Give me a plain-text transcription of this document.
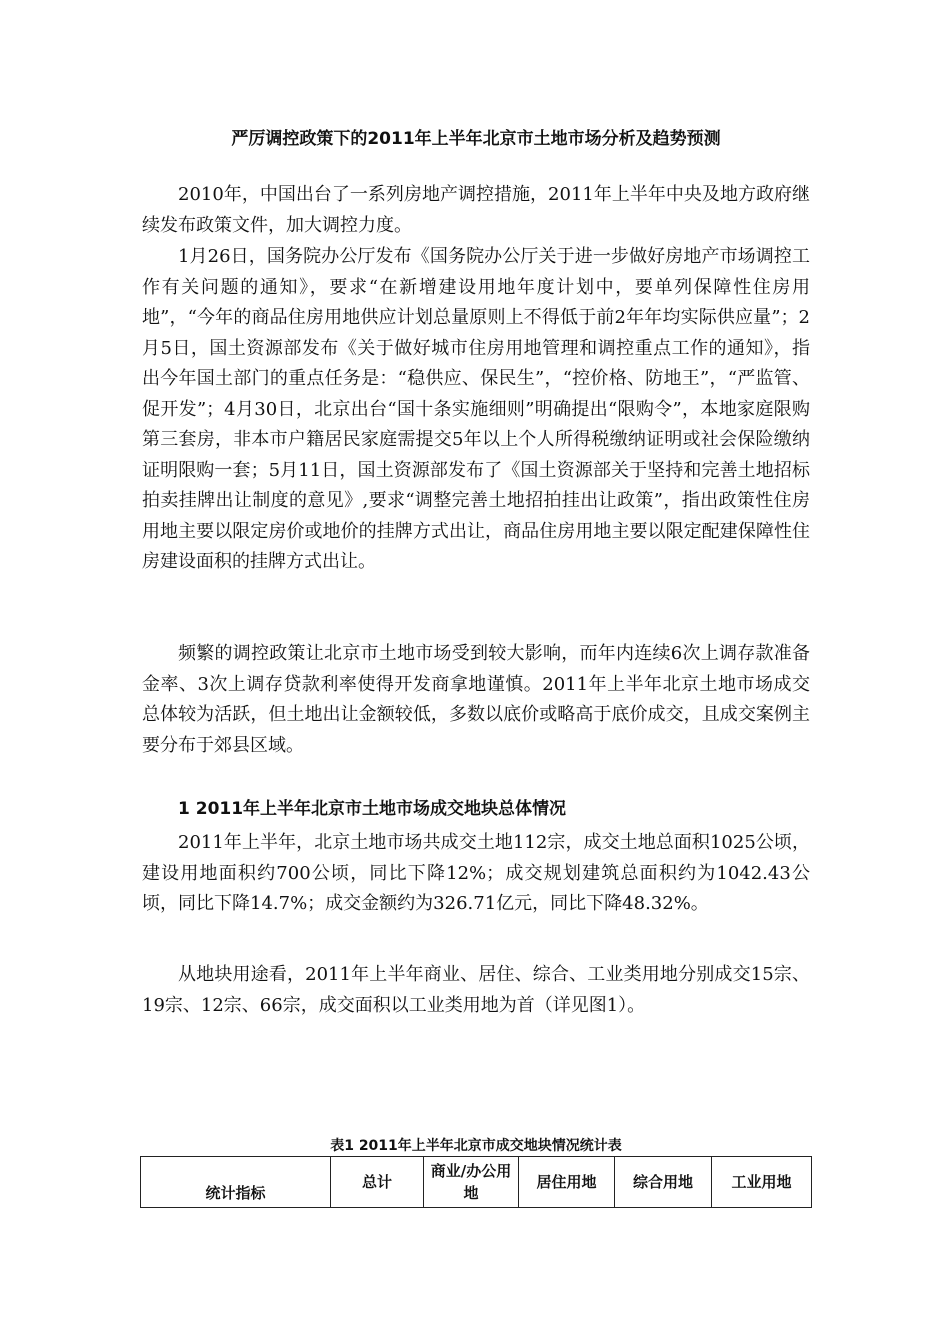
严厉调控政策下的2011年上半年北京市土地市场分析及趋势预测

2010年，中国出台了一系列房地产调控措施，2011年上半年中央及地方政府继续发布政策文件，加大调控力度。

1月26日，国务院办公厅发布《国务院办公厅关于进一步做好房地产市场调控工作有关问题的通知》，要求“在新增建设用地年度计划中，要单列保障性住房用地”，“今年的商品住房用地供应计划总量原则上不得低于前2年年均实际供应量”；2月5日，国土资源部发布《关于做好城市住房用地管理和调控重点工作的通知》，指出今年国土部门的重点任务是：“稳供应、保民生”，“控价格、防地王”，“严监管、促开发”；4月30日，北京出台“国十条实施细则”明确提出“限购令”，本地家庭限购第三套房，非本市户籍居民家庭需提交5年以上个人所得税缴纳证明或社会保险缴纳证明限购一套；5月11日，国土资源部发布了《国土资源部关于坚持和完善土地招标拍卖挂牌出让制度的意见》,要求“调整完善土地招拍挂出让政策”，指出政策性住房用地主要以限定房价或地价的挂牌方式出让，商品住房用地主要以限定配建保障性住房建设面积的挂牌方式出让。

频繁的调控政策让北京市土地市场受到较大影响，而年内连续6次上调存款准备金率、3次上调存贷款利率使得开发商拿地谨慎。2011年上半年北京土地市场成交总体较为活跃，但土地出让金额较低，多数以底价或略高于底价成交，且成交案例主要分布于郊县区域。

1 2011年上半年北京市土地市场成交地块总体情况

2011年上半年，北京土地市场共成交土地112宗，成交土地总面积1025公顷，建设用地面积约700公顷，同比下降12%；成交规划建筑总面积约为1042.43公顷，同比下降14.7%；成交金额约为326.71亿元，同比下降48.32%。

从地块用途看，2011年上半年商业、居住、综合、工业类用地分别成交15宗、19宗、12宗、66宗，成交面积以工业类用地为首（详见图1）。

表1 2011年上半年北京市成交地块情况统计表
统计指标	总计	商业/办公用地	居住用地	综合用地	工业用地
